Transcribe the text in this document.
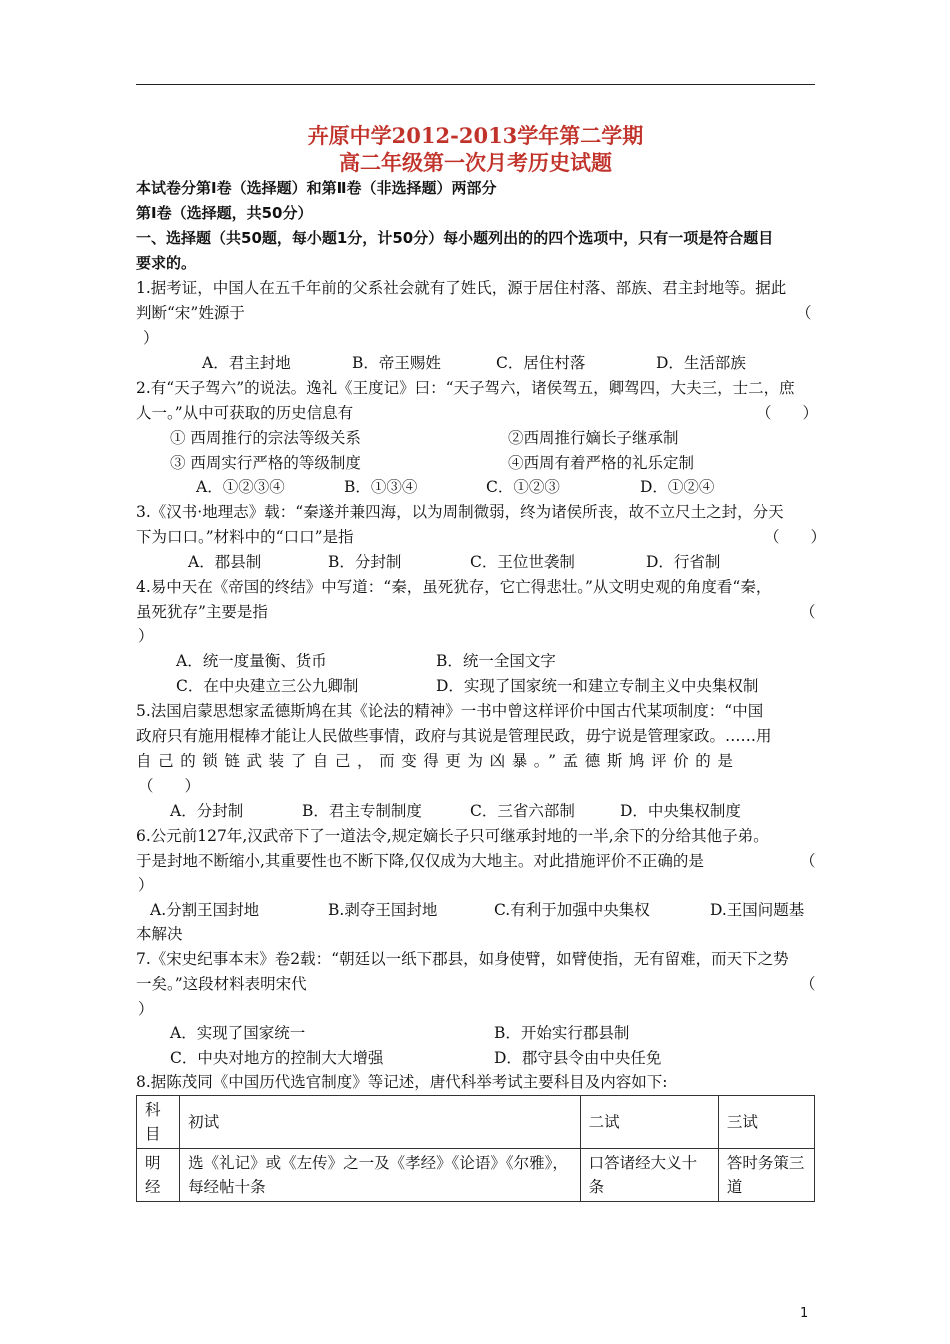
卉原中学2012-2013学年第二学期
高二年级第一次月考历史试题
本试卷分第Ⅰ卷（选择题）和第Ⅱ卷（非选择题）两部分
第Ⅰ卷（选择题，共50分）
一、选择题（共50题，每小题1分，计50分）每小题列出的的四个选项中，只有一项是符合题目
要求的。
1.据考证，中国人在五千年前的父系社会就有了姓氏，源于居住村落、部族、君主封地等。据此
判断“宋”姓源于	（
）
A．君主封地	B．帝王赐姓	C．居住村落	D．生活部族
2.有“天子驾六”的说法。逸礼《王度记》曰：“天子驾六，诸侯驾五，卿驾四，大夫三，士二，庶
人一。”从中可获取的历史信息有	（　　）
① 西周推行的宗法等级关系	②西周推行嫡长子继承制
③ 西周实行严格的等级制度	④西周有着严格的礼乐定制
A．①②③④	B．①③④	C．①②③	D．①②④
3.《汉书·地理志》载：“秦遂并兼四海，以为周制微弱，终为诸侯所丧，故不立尺土之封，分天
下为口口。”材料中的“口口”是指	（　　）
A．郡县制	B．分封制	C．王位世袭制	D．行省制
4.易中天在《帝国的终结》中写道：“秦，虽死犹存，它亡得悲壮。”从文明史观的角度看“秦，
虽死犹存”主要是指	（
）
A．统一度量衡、货币	B．统一全国文字
C．在中央建立三公九卿制	D．实现了国家统一和建立专制主义中央集权制
5.法国启蒙思想家孟德斯鸠在其《论法的精神》一书中曾这样评价中国古代某项制度：“中国
政府只有施用棍棒才能让人民做些事情，政府与其说是管理民政，毋宁说是管理家政。……用
自己的锁链武装了自己，而变得更为凶暴。”孟德斯鸠评价的是
（　　）
A．分封制	B．君主专制制度	C．三省六部制	D．中央集权制度
6.公元前127年,汉武帝下了一道法令,规定嫡长子只可继承封地的一半,余下的分给其他子弟。
于是封地不断缩小,其重要性也不断下降,仅仅成为大地主。对此措施评价不正确的是	（
）
A.分割王国封地	B.剥夺王国封地	C.有利于加强中央集权	D.王国问题基
本解决
7.《宋史纪事本末》卷2载：“朝廷以一纸下郡县，如身使臂，如臂使指，无有留难，而天下之势
一矣。”这段材料表明宋代	（
）
A．实现了国家统一	B．开始实行郡县制
C．中央对地方的控制大大增强	D．郡守县令由中央任免
8.据陈茂同《中国历代选官制度》等记述，唐代科举考试主要科目及内容如下:
科目	初试	二试	三试
明经	选《礼记》或《左传》之一及《孝经》《论语》《尔雅》，每经帖十条	口答诸经大义十条	答时务策三道
1
